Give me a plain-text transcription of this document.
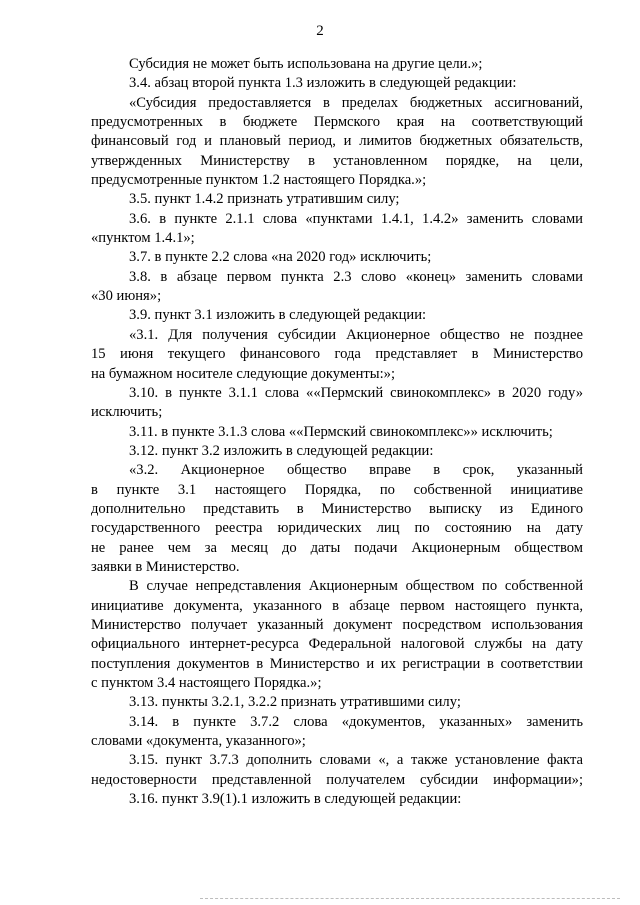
2
Субсидия не может быть использована на другие цели.»;
3.4. абзац второй пункта 1.3 изложить в следующей редакции:
«Субсидия предоставляется в пределах бюджетных ассигнований,
предусмотренных в бюджете Пермского края на соответствующий
финансовый год и плановый период, и лимитов бюджетных обязательств,
утвержденных Министерству в установленном порядке, на цели,
предусмотренные пунктом 1.2 настоящего Порядка.»;
3.5. пункт 1.4.2 признать утратившим силу;
3.6. в пункте 2.1.1 слова «пунктами 1.4.1, 1.4.2» заменить словами
«пунктом 1.4.1»;
3.7. в пункте 2.2 слова «на 2020 год» исключить;
3.8. в абзаце первом пункта 2.3 слово «конец» заменить словами
«30 июня»;
3.9. пункт 3.1 изложить в следующей редакции:
«3.1. Для получения субсидии Акционерное общество не позднее
15 июня текущего финансового года представляет в Министерство
на бумажном носителе следующие документы:»;
3.10. в пункте 3.1.1 слова ««Пермский свинокомплекс» в 2020 году»
исключить;
3.11. в пункте 3.1.3 слова ««Пермский свинокомплекс»» исключить;
3.12. пункт 3.2 изложить в следующей редакции:
«3.2. Акционерное общество вправе в срок, указанный
в пункте 3.1 настоящего Порядка, по собственной инициативе
дополнительно представить в Министерство выписку из Единого
государственного реестра юридических лиц по состоянию на дату
не ранее чем за месяц до даты подачи Акционерным обществом
заявки в Министерство.
В случае непредставления Акционерным обществом по собственной
инициативе документа, указанного в абзаце первом настоящего пункта,
Министерство получает указанный документ посредством использования
официального интернет-ресурса Федеральной налоговой службы на дату
поступления документов в Министерство и их регистрации в соответствии
с пунктом 3.4 настоящего Порядка.»;
3.13. пункты 3.2.1, 3.2.2 признать утратившими силу;
3.14. в пункте 3.7.2 слова «документов, указанных» заменить
словами «документа, указанного»;
3.15. пункт 3.7.3 дополнить словами «, а также установление факта
недостоверности представленной получателем субсидии информации»;
3.16. пункт 3.9(1).1 изложить в следующей редакции:
